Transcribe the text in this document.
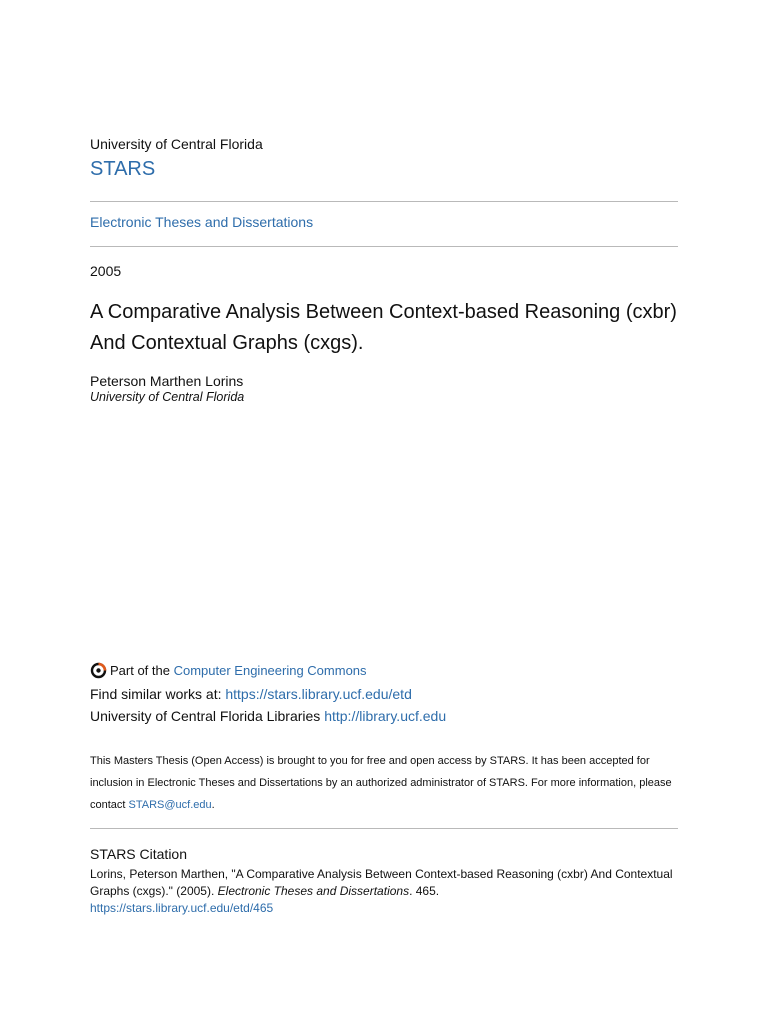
University of Central Florida
STARS
Electronic Theses and Dissertations
2005
A Comparative Analysis Between Context-based Reasoning (cxbr) And Contextual Graphs (cxgs).
Peterson Marthen Lorins
University of Central Florida
Part of the
Computer Engineering Commons
Find similar works at: https://stars.library.ucf.edu/etd
University of Central Florida Libraries http://library.ucf.edu
This Masters Thesis (Open Access) is brought to you for free and open access by STARS. It has been accepted for inclusion in Electronic Theses and Dissertations by an authorized administrator of STARS. For more information, please contact STARS@ucf.edu.
STARS Citation
Lorins, Peterson Marthen, "A Comparative Analysis Between Context-based Reasoning (cxbr) And Contextual Graphs (cxgs)." (2005). Electronic Theses and Dissertations. 465.
https://stars.library.ucf.edu/etd/465
